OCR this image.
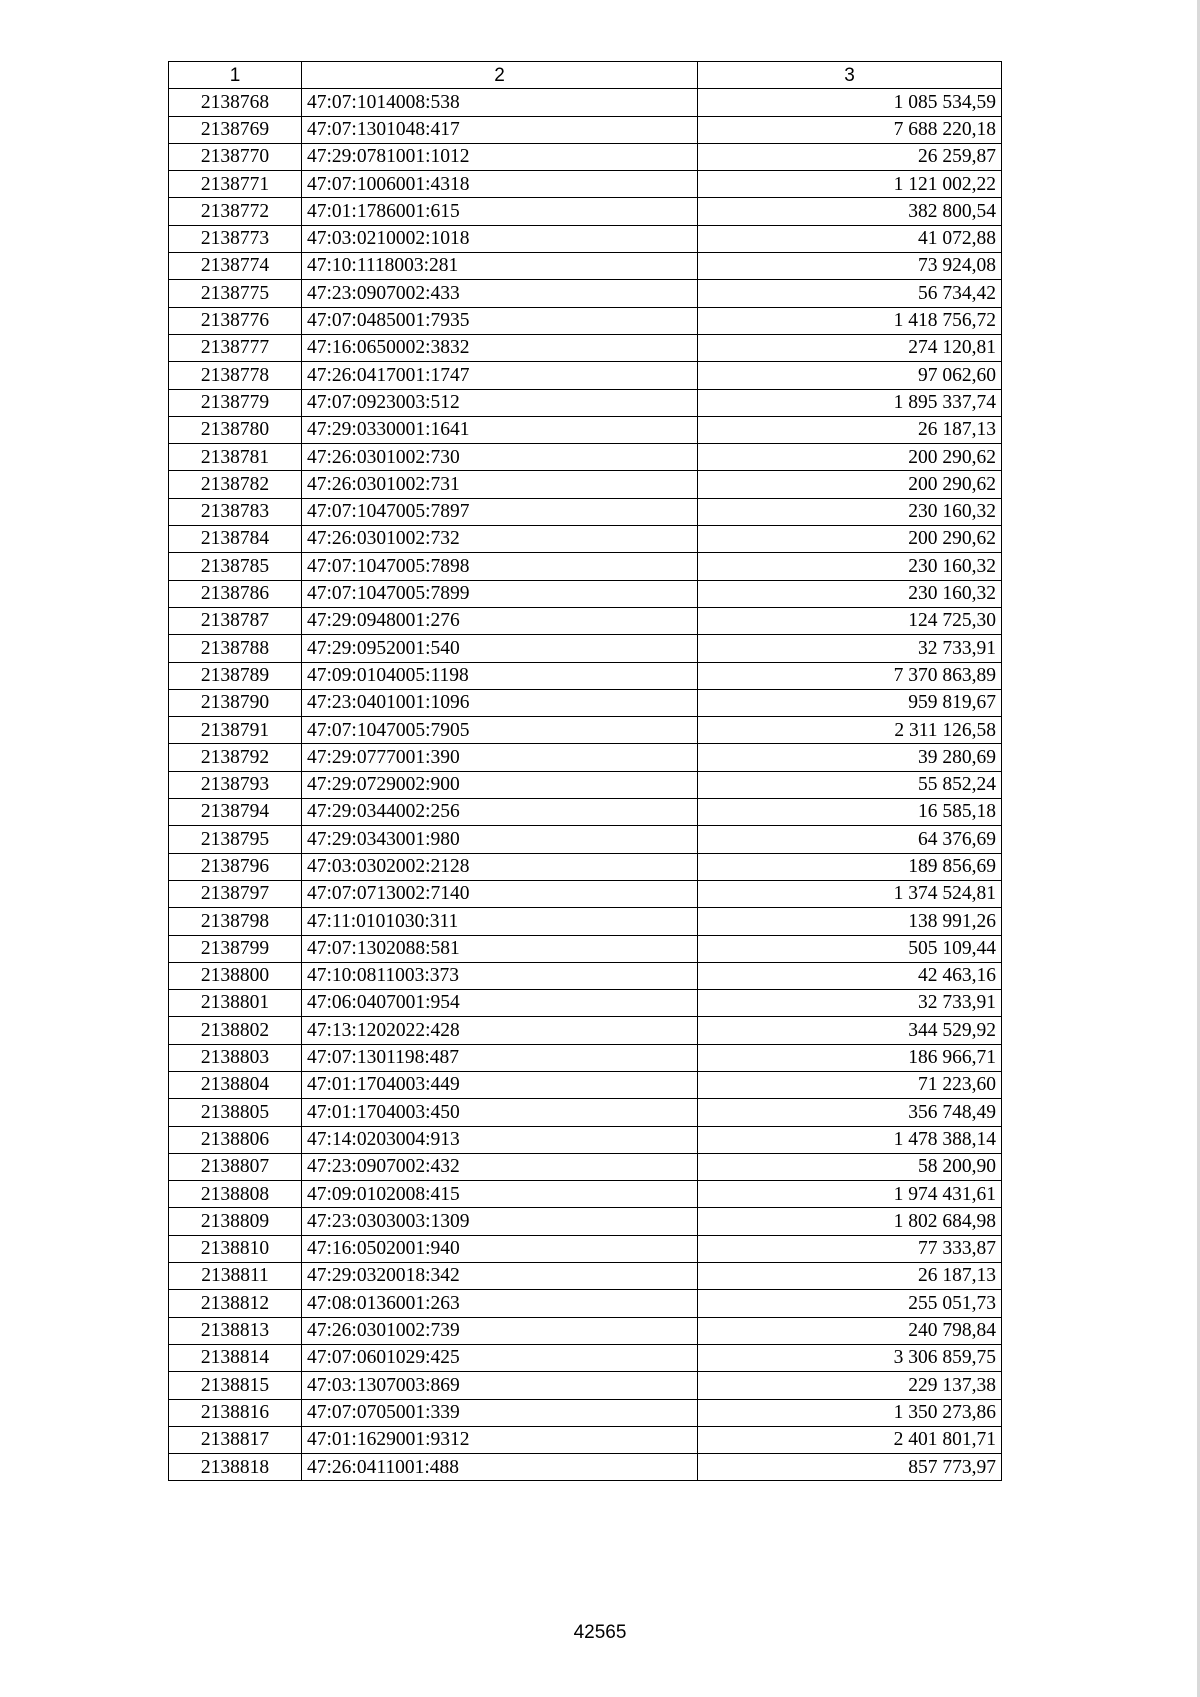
1	2	3
2138768	47:07:1014008:538	1 085 534,59
2138769	47:07:1301048:417	7 688 220,18
2138770	47:29:0781001:1012	26 259,87
2138771	47:07:1006001:4318	1 121 002,22
2138772	47:01:1786001:615	382 800,54
2138773	47:03:0210002:1018	41 072,88
2138774	47:10:1118003:281	73 924,08
2138775	47:23:0907002:433	56 734,42
2138776	47:07:0485001:7935	1 418 756,72
2138777	47:16:0650002:3832	274 120,81
2138778	47:26:0417001:1747	97 062,60
2138779	47:07:0923003:512	1 895 337,74
2138780	47:29:0330001:1641	26 187,13
2138781	47:26:0301002:730	200 290,62
2138782	47:26:0301002:731	200 290,62
2138783	47:07:1047005:7897	230 160,32
2138784	47:26:0301002:732	200 290,62
2138785	47:07:1047005:7898	230 160,32
2138786	47:07:1047005:7899	230 160,32
2138787	47:29:0948001:276	124 725,30
2138788	47:29:0952001:540	32 733,91
2138789	47:09:0104005:1198	7 370 863,89
2138790	47:23:0401001:1096	959 819,67
2138791	47:07:1047005:7905	2 311 126,58
2138792	47:29:0777001:390	39 280,69
2138793	47:29:0729002:900	55 852,24
2138794	47:29:0344002:256	16 585,18
2138795	47:29:0343001:980	64 376,69
2138796	47:03:0302002:2128	189 856,69
2138797	47:07:0713002:7140	1 374 524,81
2138798	47:11:0101030:311	138 991,26
2138799	47:07:1302088:581	505 109,44
2138800	47:10:0811003:373	42 463,16
2138801	47:06:0407001:954	32 733,91
2138802	47:13:1202022:428	344 529,92
2138803	47:07:1301198:487	186 966,71
2138804	47:01:1704003:449	71 223,60
2138805	47:01:1704003:450	356 748,49
2138806	47:14:0203004:913	1 478 388,14
2138807	47:23:0907002:432	58 200,90
2138808	47:09:0102008:415	1 974 431,61
2138809	47:23:0303003:1309	1 802 684,98
2138810	47:16:0502001:940	77 333,87
2138811	47:29:0320018:342	26 187,13
2138812	47:08:0136001:263	255 051,73
2138813	47:26:0301002:739	240 798,84
2138814	47:07:0601029:425	3 306 859,75
2138815	47:03:1307003:869	229 137,38
2138816	47:07:0705001:339	1 350 273,86
2138817	47:01:1629001:9312	2 401 801,71
2138818	47:26:0411001:488	857 773,97
42565
